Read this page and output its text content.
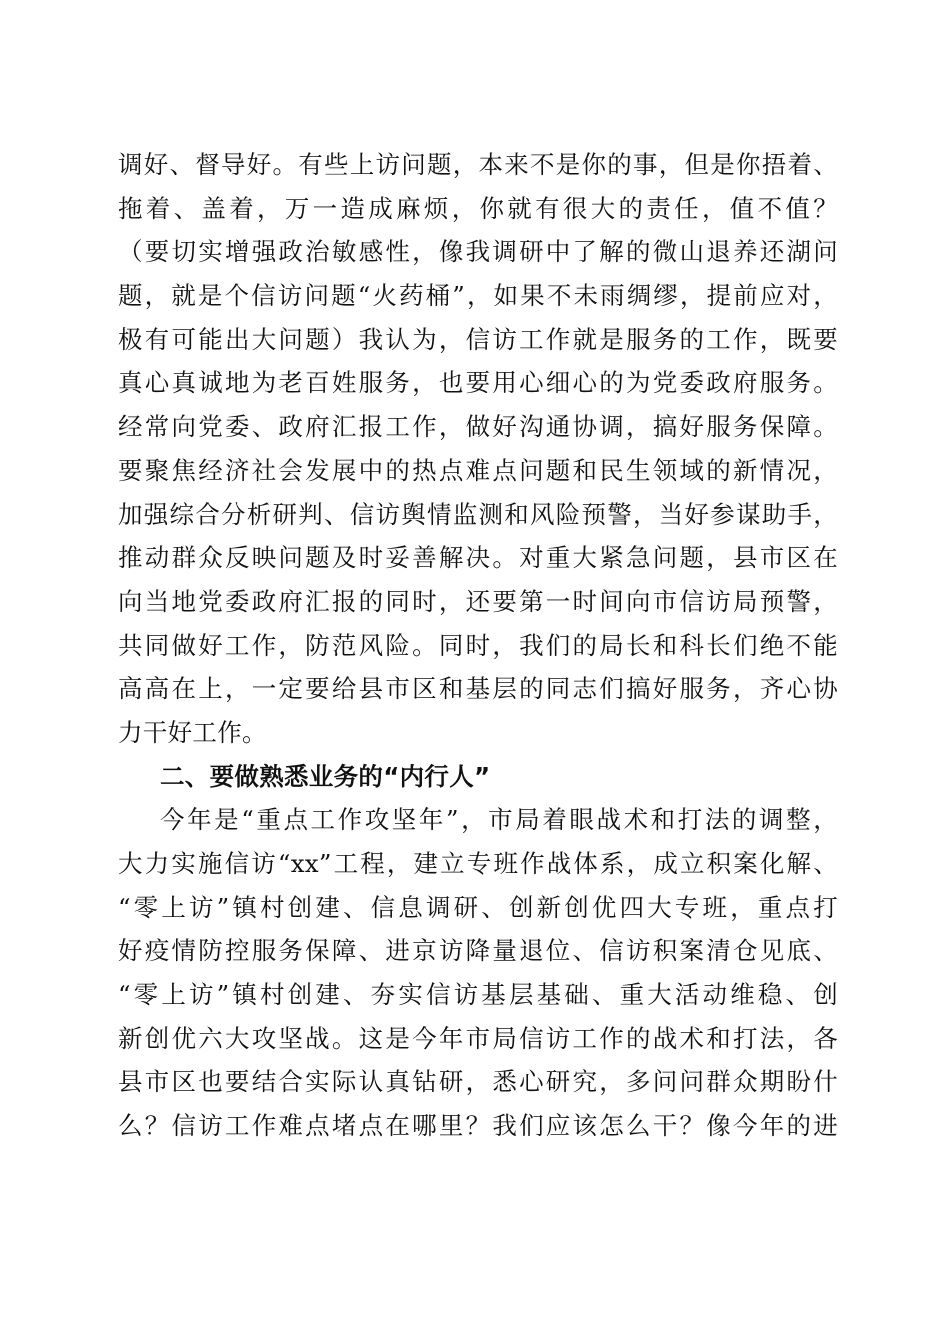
调好、督导好。有些上访问题，本来不是你的事，但是你捂着、
拖着、盖着，万一造成麻烦，你就有很大的责任，值不值？
（要切实增强政治敏感性，像我调研中了解的微山退养还湖问
题，就是个信访问题“火药桶”，如果不未雨绸缪，提前应对，
极有可能出大问题）我认为，信访工作就是服务的工作，既要
真心真诚地为老百姓服务，也要用心细心的为党委政府服务。
经常向党委、政府汇报工作，做好沟通协调，搞好服务保障。
要聚焦经济社会发展中的热点难点问题和民生领域的新情况，
加强综合分析研判、信访舆情监测和风险预警，当好参谋助手，
推动群众反映问题及时妥善解决。对重大紧急问题，县市区在
向当地党委政府汇报的同时，还要第一时间向市信访局预警，
共同做好工作，防范风险。同时，我们的局长和科长们绝不能
高高在上，一定要给县市区和基层的同志们搞好服务，齐心协
力干好工作。
二、要做熟悉业务的“内行人”
今年是“重点工作攻坚年”，市局着眼战术和打法的调整，
大力实施信访“xx”工程，建立专班作战体系，成立积案化解、
“零上访”镇村创建、信息调研、创新创优四大专班，重点打
好疫情防控服务保障、进京访降量退位、信访积案清仓见底、
“零上访”镇村创建、夯实信访基层基础、重大活动维稳、创
新创优六大攻坚战。这是今年市局信访工作的战术和打法，各
县市区也要结合实际认真钻研，悉心研究，多问问群众期盼什
么？信访工作难点堵点在哪里？我们应该怎么干？像今年的进
